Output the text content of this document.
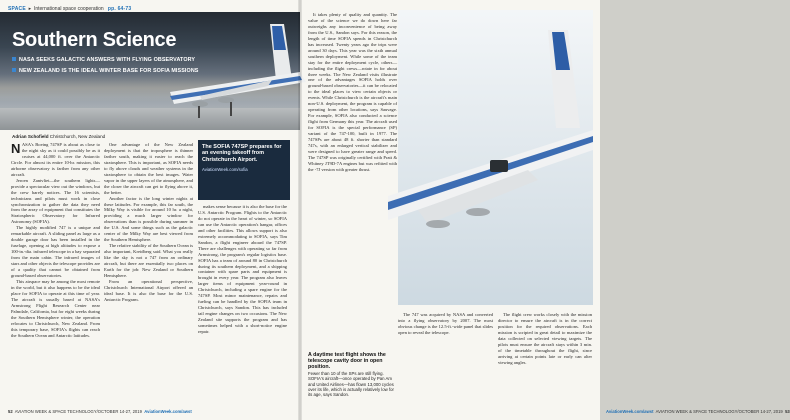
SPACE  ▸  International space cooperation pp. 64-73
Southern Science
NASA SEEKS GALACTIC ANSWERS WITH FLYING OBSERVATORY
NEW ZEALAND IS THE IDEAL WINTER BASE FOR SOFIA MISSIONS
Adrian Schofield Christchurch, New Zealand

NASA's Boeing 747SP is about as close to the night sky as it could possibly be as it cruises at 44,000 ft. over the Antarctic Circle. For almost its entire 10-hr. mission, this airborne observatory is farther from any other aircraft.

Jeroen Zantvliet—the southern lights—provide a spectacular view out the windows, but the crew barely notices. The 16 scientists, technicians and pilots must work in close synchronization to gather the data they need from the array of equipment that constitutes the Stratospheric Observatory for Infrared Astronomy (SOFIA).

The highly modified 747 is a unique and remarkable aircraft. A sliding panel as large as a double garage door has been installed in the fuselage, opening at high altitudes to expose a 100-in.-dia. infrared telescope in a bay separated from the main cabin. The infrared images of stars and other objects the telescope provides are of a quality that cannot be obtained from ground-based observatories.

This airspace may be among the most remote in the world, but it also happens to be the ideal place for SOFIA to operate at this time of year. The aircraft is usually based at NASA's Armstrong Flight Research Center near Palmdale, California, but for eight weeks during the Southern Hemisphere winter, the operation relocates to Christchurch, New Zealand. From this temporary base, SOFIA's flights can reach the Southern Ocean and Antarctic latitudes.

One advantage of the New Zealand deployment is that the troposphere is thinner farther south, making it easier to reach the stratosphere. This is important, as SOFIA needs to fly above clouds and weather systems in the stratosphere to obtain the best images. Water vapor in the upper layers of the atmosphere, and the closer the aircraft can get to flying above it, the better.

Another factor is the long winter nights at these latitudes. For example, this far south, the Milky Way is visible for around 10 hr. a night, providing a much larger window for observations than is possible during summer in the U.S. And some things such as the galactic center of the Milky Way are best viewed from the Southern Hemisphere.

The relative stability of the Southern Ocean is also important, Kreidberg said. What you really like the sky is not a 747 from an ordinary aircraft, but there are essentially two places on Earth for the job: New Zealand or Southern Hemisphere.

From an operational perspective, Christchurch International Airport offered an ideal base. It is also the base for the U.S. Antarctic Program.

The SOFIA 747SP prepares for an evening takeoff from Christchurch Airport.
AviationWeek.com/sofia

makes sense because it is also the base for the U.S. Antarctic Program. Flights to the Antarctic do not operate in the heart of winter, so SOFIA can use the Antarctic operation's hangar, offices and other facilities. This allows support is also extremely accommodating to SOFIA, says Tim Sandon, a flight engineer aboard the 747SP. There are challenges with operating so far from Armstrong, the program's regular logistics base. SOFIA has a team of around 80 in Christchurch during its southern deployment, and a shipping container with spare parts and equipment is brought in every year. The program also leaves larger items of equipment year-round in Christchurch, including a spare engine for the 747SP. Most minor maintenance, repairs and fueling can be handled by the SOFIA team in Christchurch, says Sandon. This has included tail engine changes on two occasions. The New Zealand site supports the program and has sometimes helped with a short-notice engine repair.

52 AVIATION WEEK & SPACE TECHNOLOGY/OCTOBER 14-27, 2019 AviationWeek.com/awst

It takes plenty of quality and quantity. The value of the science we do down here far outweighs any inconvenience of being away from the U.S., Sandon says. For this reason, the length of time SOFIA spends in Christchurch has increased. Twenty years ago the trips were around 30 days. This year was the sixth annual southern deployment. While some of the team stay for the entire deployment cycle, others—including the flight crews—rotate in for about three weeks. The New Zealand visits illustrate one of the advantages SOFIA holds over ground-based observatories—it can be relocated to the ideal places to view certain objects or events. While Christchurch is the aircraft's main non-U.S. deployment, the program is capable of operating from other locations, says Sauvage. For example, SOFIA also conducted a science flight from Germany this year. The aircraft used for SOFIA is the special performance (SP) variant of the 747-100, built in 1977. The 747SPs are about 48 ft. shorter than standard 747s, with an enlarged vertical stabilizer and were designed to have greater range and speed. The 747SP was originally certified with Pratt & Whitney JT9D-7A engines but was refitted with the -7J version with greater thrust.

A daytime test flight shows the telescope cavity door in open position.
Fewer than 10 of the SPs are still flying. SOFIA's aircraft—once operated by Pan Am and United Airlines—has flown 13,000 cycles over its life, which is actually relatively low for its age, says Sandon.

The 747 was acquired by NASA and converted into a flying observatory by 2007. The most obvious change is the 12.5-ft.-wide panel that slides open to reveal the telescope.

The flight crew works closely with the mission director to ensure the aircraft is in the correct position for the required observations. Each mission is scripted in great detail to maximize the data collected on selected viewing targets. The pilots must ensure the aircraft stays within 3 min. of the timetable throughout the flight, since arriving at certain points late or early can alter viewing angles.

AviationWeek.com/awst AVIATION WEEK & SPACE TECHNOLOGY/OCTOBER 14-27, 2019 53
